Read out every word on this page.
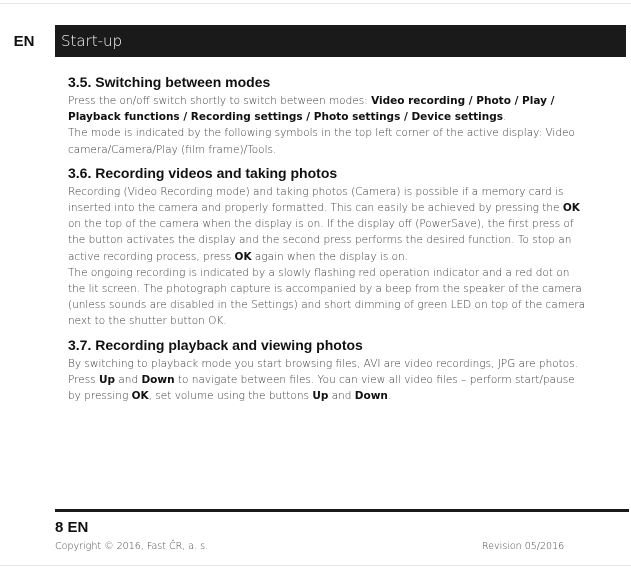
EN	Start-up
3.5. Switching between modes

Press the on/off switch shortly to switch between modes: Video recording / Photo / Play / Playback functions / Recording settings / Photo settings / Device settings.

The mode is indicated by the following symbols in the top left corner of the active display: Video camera/Camera/Play (film frame)/Tools.

3.6. Recording videos and taking photos

Recording (Video Recording mode) and taking photos (Camera) is possible if a memory card is inserted into the camera and properly formatted. This can easily be achieved by pressing the OK on the top of the camera when the display is on. If the display off (PowerSave), the first press of the button activates the display and the second press performs the desired function. To stop an active recording process, press OK again when the display is on.

The ongoing recording is indicated by a slowly flashing red operation indicator and a red dot on the lit screen. The photograph capture is accompanied by a beep from the speaker of the camera (unless sounds are disabled in the Settings) and short dimming of green LED on top of the camera next to the shutter button OK.

3.7. Recording playback and viewing photos

By switching to playback mode you start browsing files, AVI are video recordings, JPG are photos. Press Up and Down to navigate between files. You can view all video files – perform start/pause by pressing OK, set volume using the buttons Up and Down.

8 EN
Copyright © 2016, Fast ČR, a. s.	Revision 05/2016
